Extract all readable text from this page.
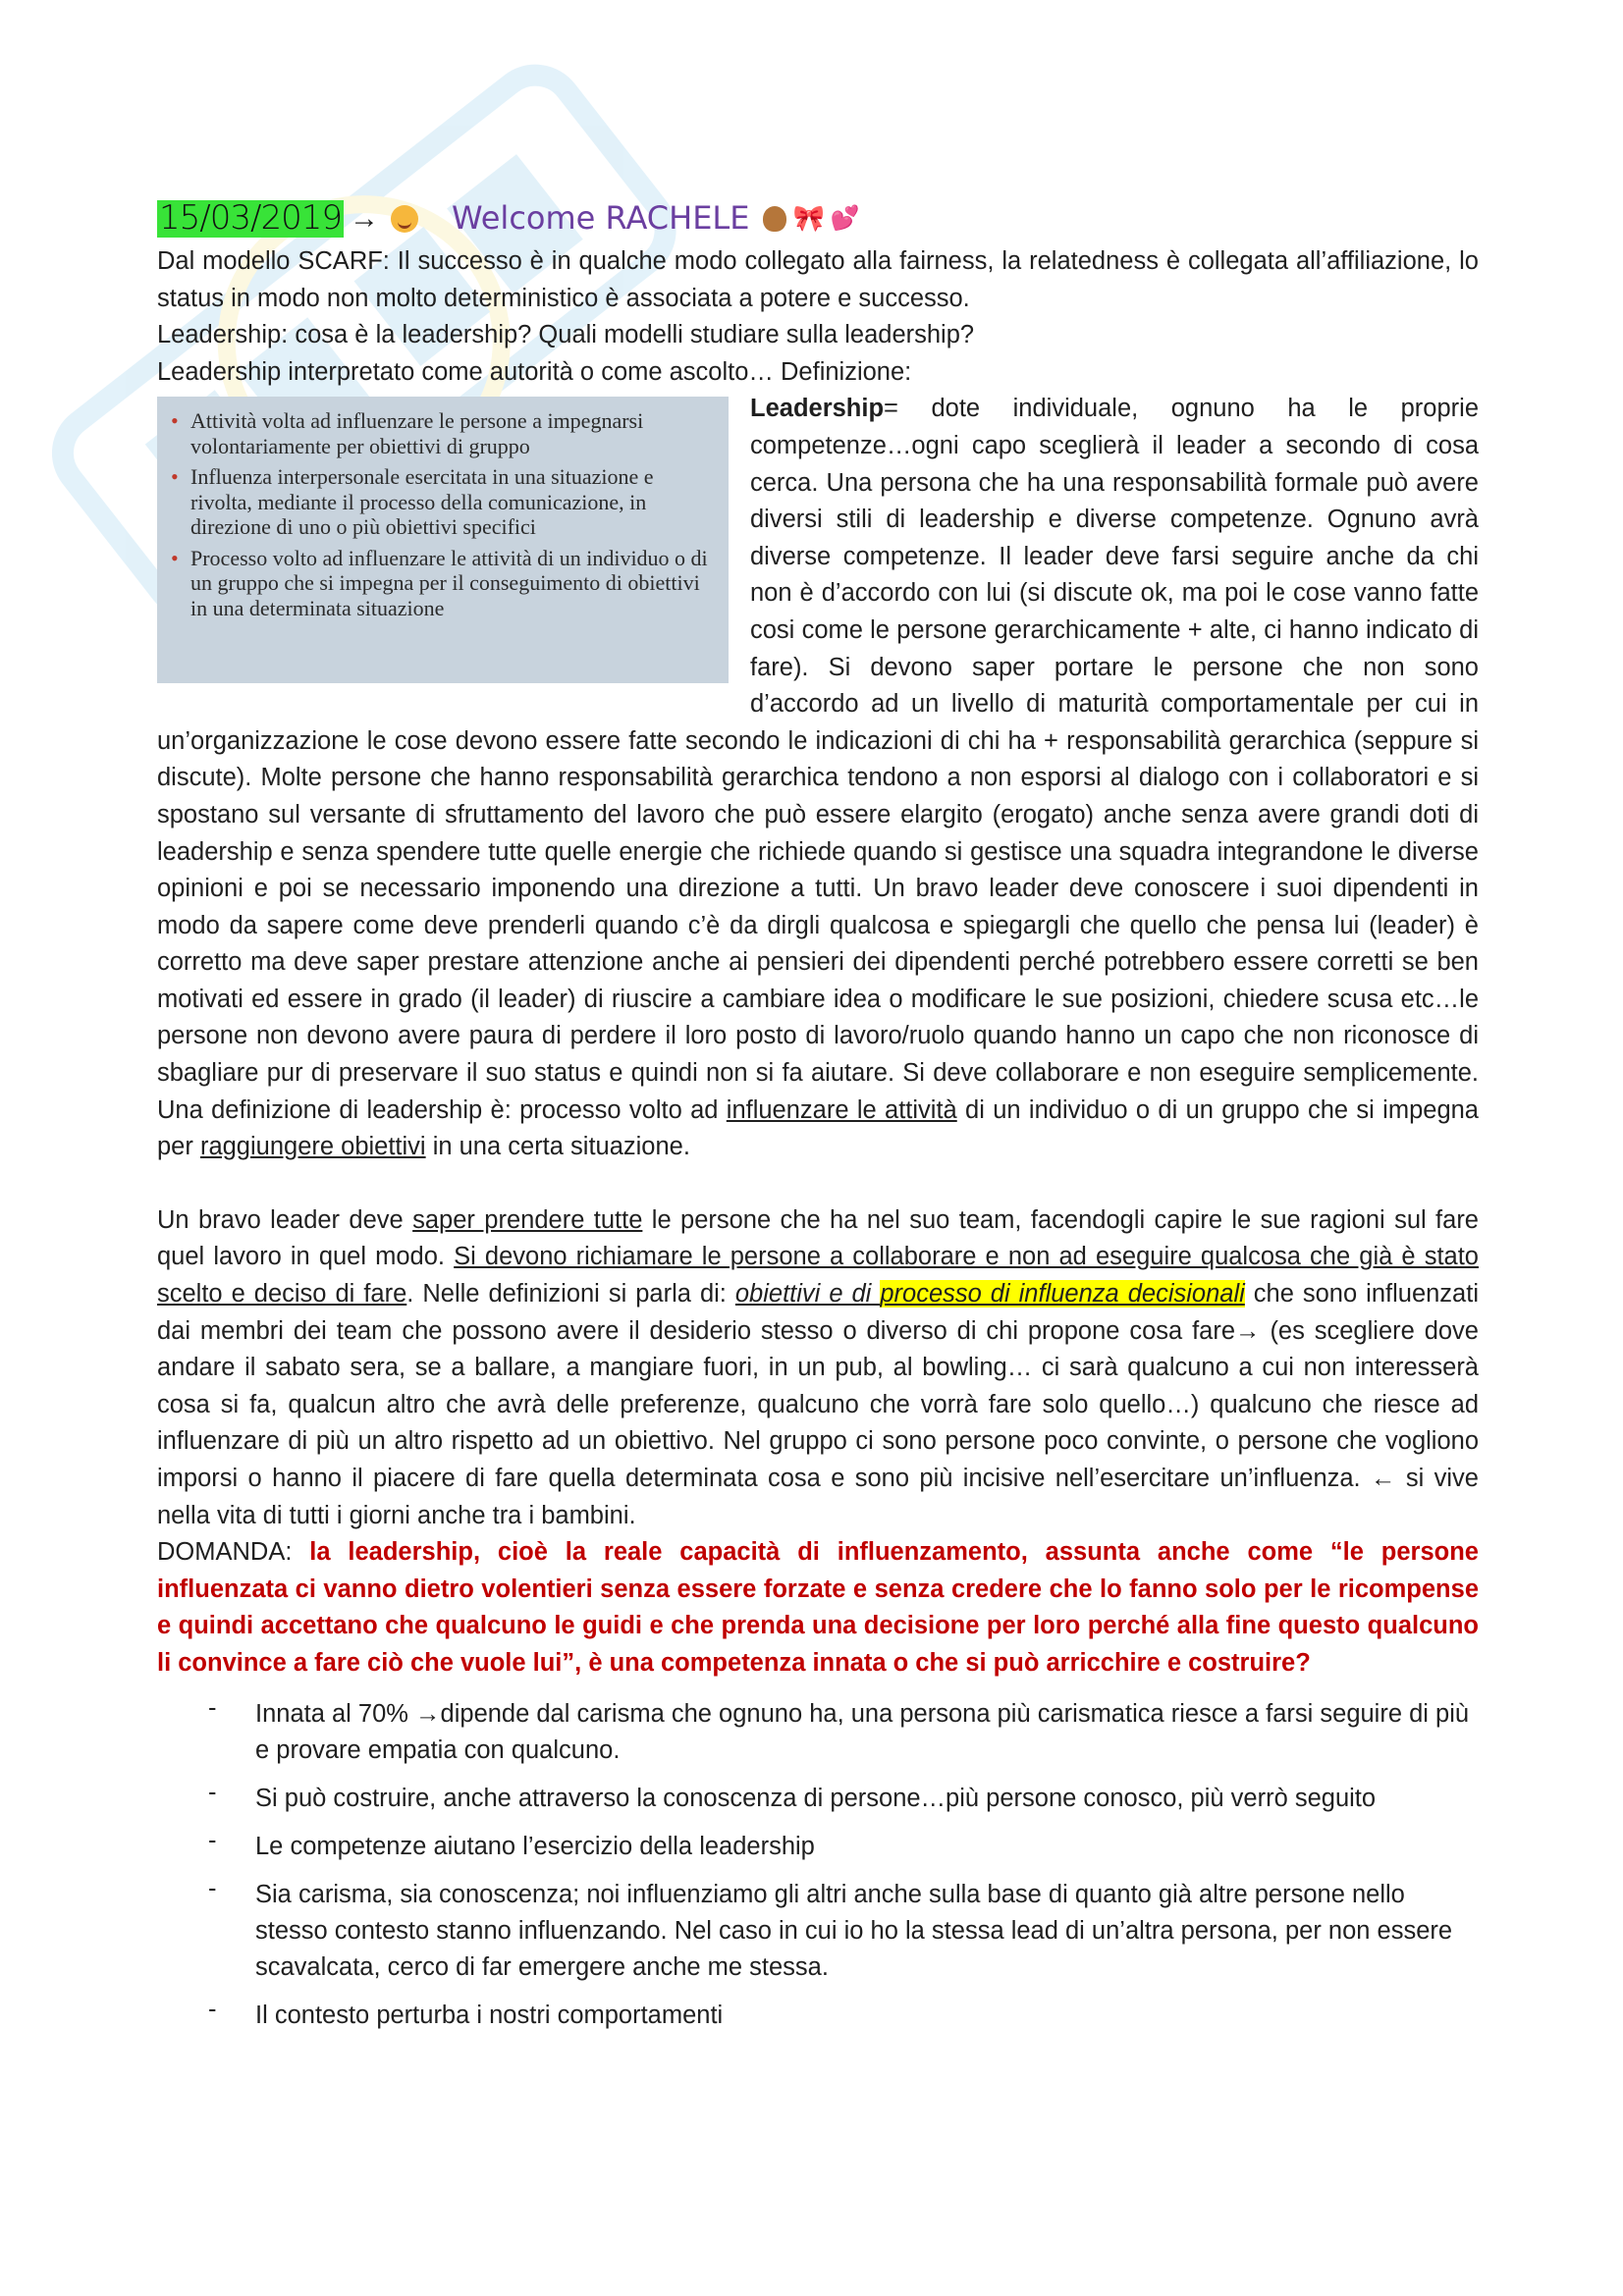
15/03/2019 → Welcome RACHELE 🎀 💕

Dal modello SCARF: Il successo è in qualche modo collegato alla fairness, la relatedness è collegata all’affiliazione, lo status in modo non molto deterministico è associata a potere e successo.

Leadership: cosa è la leadership? Quali modelli studiare sulla leadership?

Leadership interpretato come autorità o come ascolto… Definizione:

• Attività volta ad influenzare le persone a impegnarsi volontariamente per obiettivi di gruppo
• Influenza interpersonale esercitata in una situazione e rivolta, mediante il processo della comunicazione, in direzione di uno o più obiettivi specifici
• Processo volto ad influenzare le attività di un individuo o di un gruppo che si impegna per il conseguimento di obiettivi in una determinata situazione

Leadership= dote individuale, ognuno ha le proprie competenze…ogni capo sceglierà il leader a secondo di cosa cerca. Una persona che ha una responsabilità formale può avere diversi stili di leadership e diverse competenze. Ognuno avrà diverse competenze. Il leader deve farsi seguire anche da chi non è d’accordo con lui (si discute ok, ma poi le cose vanno fatte cosi come le persone gerarchicamente + alte, ci hanno indicato di fare). Si devono saper portare le persone che non sono d’accordo ad un livello di maturità comportamentale per cui in un’organizzazione le cose devono essere fatte secondo le indicazioni di chi ha + responsabilità gerarchica (seppure si discute). Molte persone che hanno responsabilità gerarchica tendono a non esporsi al dialogo con i collaboratori e si spostano sul versante di sfruttamento del lavoro che può essere elargito (erogato) anche senza avere grandi doti di leadership e senza spendere tutte quelle energie che richiede quando si gestisce una squadra integrandone le diverse opinioni e poi se necessario imponendo una direzione a tutti. Un bravo leader deve conoscere i suoi dipendenti in modo da sapere come deve prenderli quando c’è da dirgli qualcosa e spiegargli che quello che pensa lui (leader) è corretto ma deve saper prestare attenzione anche ai pensieri dei dipendenti perché potrebbero essere corretti se ben motivati ed essere in grado (il leader) di riuscire a cambiare idea o modificare le sue posizioni, chiedere scusa etc…le persone non devono avere paura di perdere il loro posto di lavoro/ruolo quando hanno un capo che non riconosce di sbagliare pur di preservare il suo status e quindi non si fa aiutare. Si deve collaborare e non eseguire semplicemente. Una definizione di leadership è: processo volto ad influenzare le attività di un individuo o di un gruppo che si impegna per raggiungere obiettivi in una certa situazione.

Un bravo leader deve saper prendere tutte le persone che ha nel suo team, facendogli capire le sue ragioni sul fare quel lavoro in quel modo. Si devono richiamare le persone a collaborare e non ad eseguire qualcosa che già è stato scelto e deciso di fare. Nelle definizioni si parla di: obiettivi e di processo di influenza decisionali che sono influenzati dai membri dei team che possono avere il desiderio stesso o diverso di chi propone cosa fare→ (es scegliere dove andare il sabato sera, se a ballare, a mangiare fuori, in un pub, al bowling… ci sarà qualcuno a cui non interesserà cosa si fa, qualcun altro che avrà delle preferenze, qualcuno che vorrà fare solo quello…) qualcuno che riesce ad influenzare di più un altro rispetto ad un obiettivo. Nel gruppo ci sono persone poco convinte, o persone che vogliono imporsi o hanno il piacere di fare quella determinata cosa e sono più incisive nell’esercitare un’influenza. ← si vive nella vita di tutti i giorni anche tra i bambini.

DOMANDA: la leadership, cioè la reale capacità di influenzamento, assunta anche come “le persone influenzata ci vanno dietro volentieri senza essere forzate e senza credere che lo fanno solo per le ricompense e quindi accettano che qualcuno le guidi e che prenda una decisione per loro perché alla fine questo qualcuno li convince a fare ciò che vuole lui”, è una competenza innata o che si può arricchire e costruire?

- Innata al 70% →dipende dal carisma che ognuno ha, una persona più carismatica riesce a farsi seguire di più e provare empatia con qualcuno.
- Si può costruire, anche attraverso la conoscenza di persone…più persone conosco, più verrò seguito
- Le competenze aiutano l’esercizio della leadership
- Sia carisma, sia conoscenza; noi influenziamo gli altri anche sulla base di quanto già altre persone nello stesso contesto stanno influenzando. Nel caso in cui io ho la stessa lead di un’altra persona, per non essere scavalcata, cerco di far emergere anche me stessa.
- Il contesto perturba i nostri comportamenti
